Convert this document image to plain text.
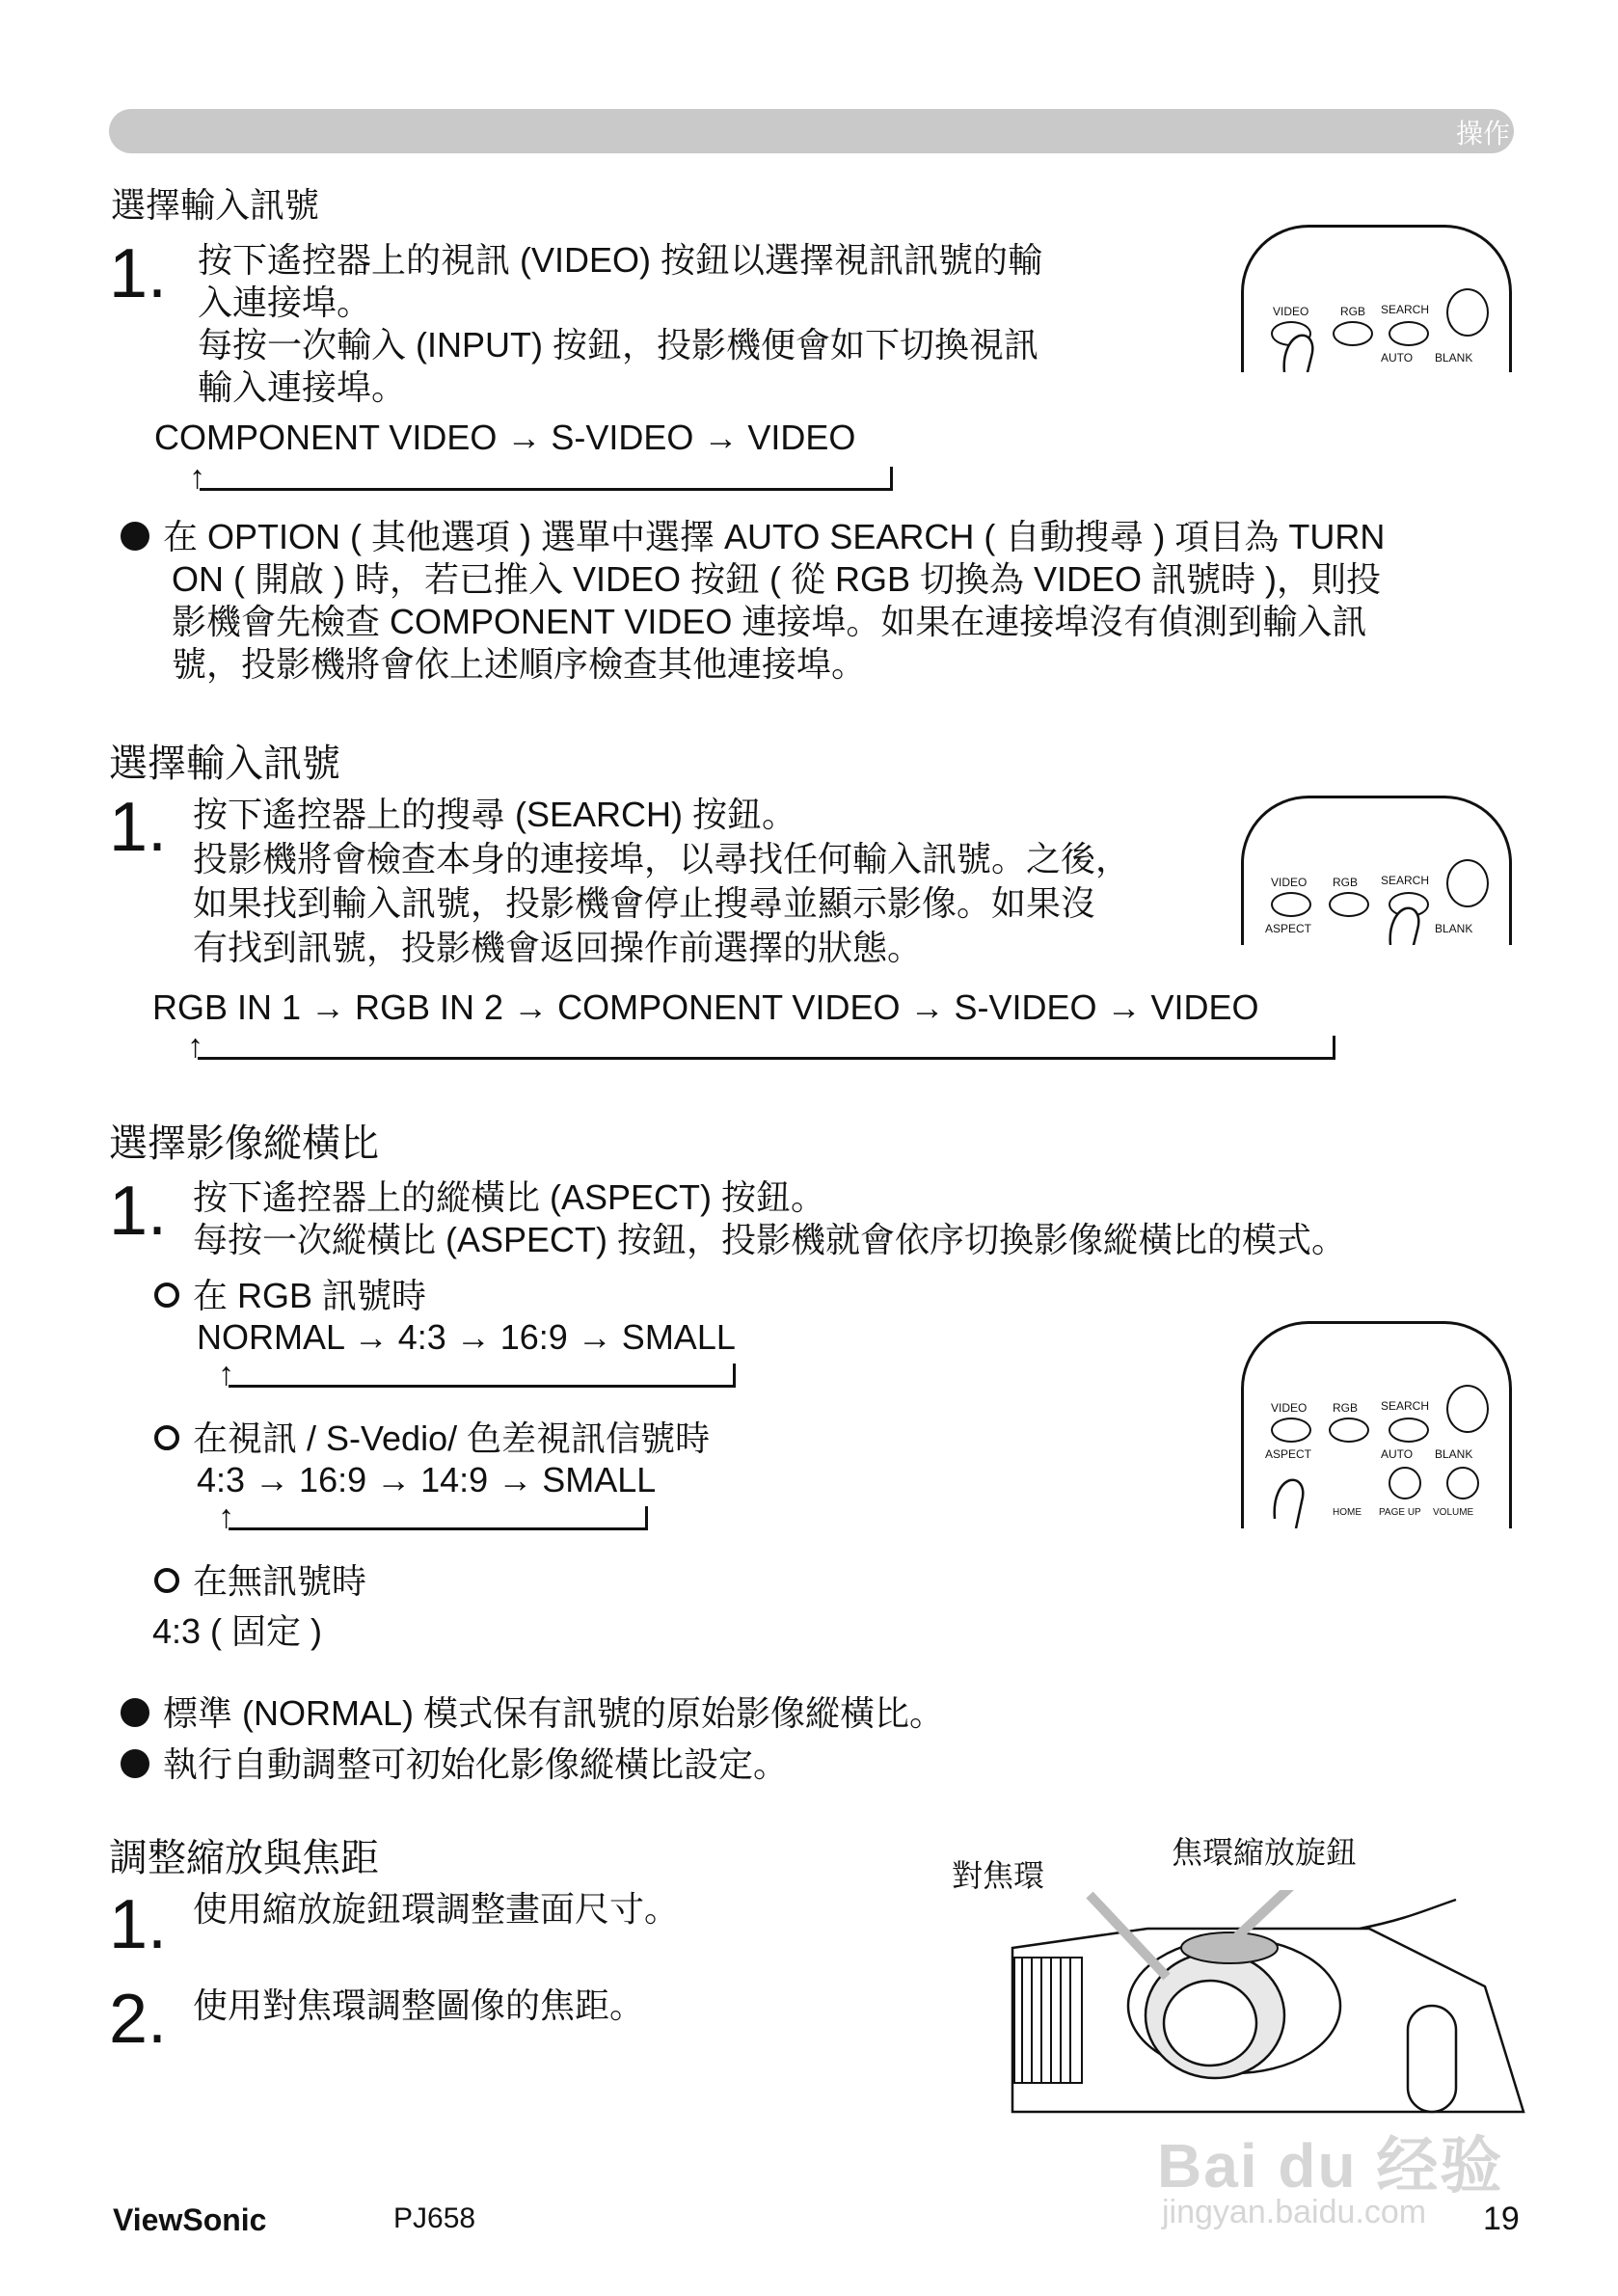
操作
選擇輸入訊號
1. 按下遙控器上的視訊 (VIDEO) 按鈕以選擇視訊訊號的輸
入連接埠。
每按一次輸入 (INPUT) 按鈕，投影機便會如下切換視訊
輸入連接埠。
VIDEO	RGB SEARCH
AUTO BLANK
COMPONENT VIDEO → S-VIDEO → VIDEO
↑
在 OPTION ( 其他選項 ) 選單中選擇 AUTO SEARCH ( 自動搜尋 ) 項目為 TURN
ON ( 開啟 ) 時，若已推入 VIDEO 按鈕 ( 從 RGB 切換為 VIDEO 訊號時 )，則投
影機會先檢查 COMPONENT VIDEO 連接埠。如果在連接埠沒有偵測到輸入訊
號，投影機將會依上述順序檢查其他連接埠。
選擇輸入訊號
1. 按下遙控器上的搜尋 (SEARCH) 按鈕。
投影機將會檢查本身的連接埠，以尋找任何輸入訊號。之後，
如果找到輸入訊號，投影機會停止搜尋並顯示影像。如果沒
有找到訊號，投影機會返回操作前選擇的狀態。
VIDEO RGB SEARCH
ASPECT	BLANK
RGB IN 1 → RGB IN 2 → COMPONENT VIDEO → S-VIDEO → VIDEO
↑
選擇影像縱橫比
1. 按下遙控器上的縱橫比 (ASPECT) 按鈕。
每按一次縱橫比 (ASPECT) 按鈕，投影機就會依序切換影像縱橫比的模式。
在 RGB 訊號時
NORMAL → 4:3 → 16:9 → SMALL
↑
在視訊 / S-Vedio/ 色差視訊信號時
4:3 → 16:9 → 14:9 → SMALL
↑
在無訊號時
4:3 ( 固定 )
VIDEO RGB SEARCH
ASPECT	AUTO BLANK
HOME PAGE UP VOLUME
標準 (NORMAL) 模式保有訊號的原始影像縱橫比。
執行自動調整可初始化影像縱橫比設定。
調整縮放與焦距
1. 使用縮放旋鈕環調整畫面尺寸。
2. 使用對焦環調整圖像的焦距。
對焦環
焦環縮放旋鈕
ViewSonic	PJ658	19
Bai du 经验
jingyan.baidu.com
